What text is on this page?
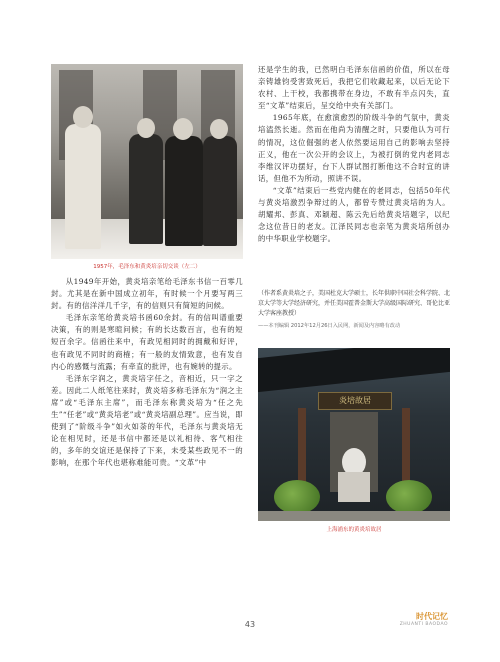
1957年，毛泽东和黄炎培亲切交谈（左二）

从1949年开始，黄炎培亲笔给毛泽东书信一百零几封。尤其是在新中国成立初年，有时候一个月要写两三封。有的信洋洋几千字，有的信则只有简短的问候。

毛泽东亲笔给黄炎培书函60余封。有的信叫谱重要决策，有的则是寒暄问候；有的长达数百言，也有的短短百余字。信函往来中，有政见相同时的拥戴和好评，也有政见不同时的商榷；有一般的友情致意，也有发自内心的感慨与流露；有牵直的批评，也有婉转的提示。

毛泽东字润之，黄炎培字任之，音相近，只一字之差。因此二人纸笔往来时，黄炎培多称毛泽东为“润之主席”或“毛泽东主席”，而毛泽东称黄炎培为“任之先生”“任老”或“黄炎培老”或“黄炎培副总理”。应当说，即使到了“阶级斗争”如火如荼的年代，毛泽东与黄炎培无论在相见时，还是书信中都还是以礼相待、客气相往的，多年的交谊还是保持了下来，未受某些政见不一的影响，在那个年代也堪称难能可贵。“文革”中

还是学生的我，已然明白毛泽东信函的价值，所以在母亲铸雄钧受害致死后，我把它们收藏起来，以后无论下农村、上干校，我都携带在身边，不敢有半点闪失，直至“文革”结束后，呈交给中央有关部门。

1965年底，在愈演愈烈的阶级斗争的气氛中，黄炎培溘然长逝。然而在他尚为清醒之时，只要他认为可行的情况，这位倔强的老人依然要运用自己的影响去坚持正义，他在一次公开的会议上，为被打倒的党内老同志李维汉评功摆好，台下人群试图打断他这不合时宜的讲话，但他不为所动，照讲不误。

“文革”结束后一些党内健在的老同志，包括50年代与黄炎培激烈争辩过的人，都曾专赞过黄炎培的为人。胡耀邦、彭真、邓颖超、陈云先后给黄炎培题字，以纪念这位昔日的老友。江泽民同志也亲笔为黄炎培所创办的中华职业学校题字。

（作者系黄炎培之子，美国杜克大学硕士，长年供职中国社会科学院、北京大学等大学经济研究，并任美国霍普金斯大学高级国际研究、哥伦比亚大学客座教授）

——本刊编辑 2012年12月26日入民网，新闻及内容略有改动

炎培故居
上海浦东的黄炎培故居
43
时代记忆
ZHUANTI BAODAO
